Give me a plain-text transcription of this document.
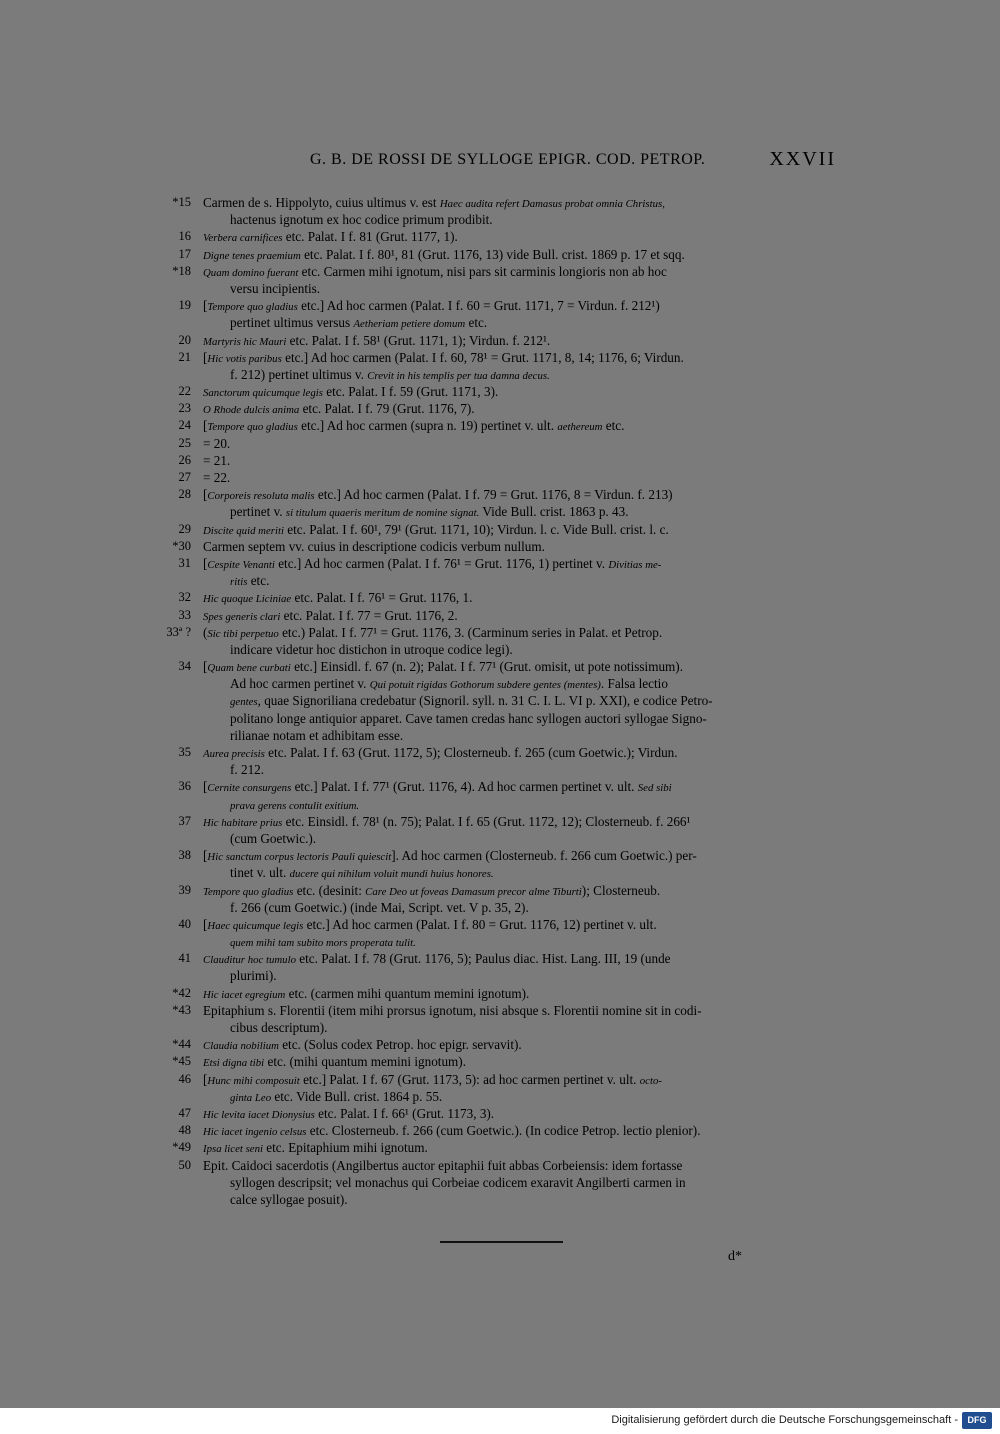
G. B. DE ROSSI DE SYLLOGE EPIGR. COD. PETROP.	XXVII
*15 Carmen de s. Hippolyto, cuius ultimus v. est Haec audita refert Damasus probat omnia Christus,
hactenus ignotum ex hoc codice primum prodibit.
16 Verbera carnifices etc. Palat. I f. 81 (Grut. 1177, 1).
17 Digne tenes praemium etc. Palat. I f. 80¹, 81 (Grut. 1176, 13) vide Bull. crist. 1869 p. 17 et sqq.
*18 Quam domino fuerant etc. Carmen mihi ignotum, nisi pars sit carminis longioris non ab hoc
versu incipientis.
19 [Tempore quo gladius etc.] Ad hoc carmen (Palat. I f. 60 = Grut. 1171, 7 = Virdun. f. 212¹)
pertinet ultimus versus Aetheriam petiere domum etc.
20 Martyris hic Mauri etc. Palat. I f. 58¹ (Grut. 1171, 1); Virdun. f. 212¹.
21 [Hic votis paribus etc.] Ad hoc carmen (Palat. I f. 60, 78¹ = Grut. 1171, 8, 14; 1176, 6; Virdun.
f. 212) pertinet ultimus v. Crevit in his templis per tua damna decus.
22 Sanctorum quicumque legis etc. Palat. I f. 59 (Grut. 1171, 3).
23 O Rhode dulcis anima etc. Palat. I f. 79 (Grut. 1176, 7).
24 [Tempore quo gladius etc.] Ad hoc carmen (supra n. 19) pertinet v. ult. aethereum etc.
25 = 20.
26 = 21.
27 = 22.
28 [Corporeis resoluta malis etc.] Ad hoc carmen (Palat. I f. 79 = Grut. 1176, 8 = Virdun. f. 213)
pertinet v. si titulum quaeris meritum de nomine signat. Vide Bull. crist. 1863 p. 43.
29 Discite quid meriti etc. Palat. I f. 60¹, 79¹ (Grut. 1171, 10); Virdun. l. c. Vide Bull. crist. l. c.
*30 Carmen septem vv. cuius in descriptione codicis verbum nullum.
31 [Cespite Venanti etc.] Ad hoc carmen (Palat. I f. 76¹ = Grut. 1176, 1) pertinet v. Divitias me-
ritis etc.
32 Hic quoque Liciniae etc. Palat. I f. 76¹ = Grut. 1176, 1.
33 Spes generis clari etc. Palat. I f. 77 = Grut. 1176, 2.
33ª ? (Sic tibi perpetuo etc.) Palat. I f. 77¹ = Grut. 1176, 3. (Carminum series in Palat. et Petrop.
indicare videtur hoc distichon in utroque codice legi).
34 [Quam bene curbati etc.] Einsidl. f. 67 (n. 2); Palat. I f. 77¹ (Grut. omisit, ut pote notissimum).
Ad hoc carmen pertinet v. Qui potuit rigidas Gothorum subdere gentes (mentes). Falsa lectio
gentes, quae Signoriliana credebatur (Signoril. syll. n. 31 C. I. L. VI p. XXI), e codice Petro-
politano longe antiquior apparet. Cave tamen credas hanc syllogen auctori syllogae Signo-
rilianae notam et adhibitam esse.
35 Aurea precisis etc. Palat. I f. 63 (Grut. 1172, 5); Closterneub. f. 265 (cum Goetwic.); Virdun.
f. 212.
36 [Cernite consurgens etc.] Palat. I f. 77¹ (Grut. 1176, 4). Ad hoc carmen pertinet v. ult. Sed sibi
prava gerens contulit exitium.
37 Hic habitare prius etc. Einsidl. f. 78¹ (n. 75); Palat. I f. 65 (Grut. 1172, 12); Closterneub. f. 266¹
(cum Goetwic.).
38 [Hic sanctum corpus lectoris Pauli quiescit]. Ad hoc carmen (Closterneub. f. 266 cum Goetwic.) per-
tinet v. ult. ducere qui nihilum voluit mundi huius honores.
39 Tempore quo gladius etc. (desinit: Care Deo ut foveas Damasum precor alme Tiburti); Closterneub.
f. 266 (cum Goetwic.) (inde Mai, Script. vet. V p. 35, 2).
40 [Haec quicumque legis etc.] Ad hoc carmen (Palat. I f. 80 = Grut. 1176, 12) pertinet v. ult.
quem mihi tam subito mors properata tulit.
41 Clauditur hoc tumulo etc. Palat. I f. 78 (Grut. 1176, 5); Paulus diac. Hist. Lang. III, 19 (unde
plurimi).
*42 Hic iacet egregium etc. (carmen mihi quantum memini ignotum).
*43 Epitaphium s. Florentii (item mihi prorsus ignotum, nisi absque s. Florentii nomine sit in codi-
cibus descriptum).
*44 Claudia nobilium etc. (Solus codex Petrop. hoc epigr. servavit).
*45 Etsi digna tibi etc. (mihi quantum memini ignotum).
46 [Hunc mihi composuit etc.] Palat. I f. 67 (Grut. 1173, 5): ad hoc carmen pertinet v. ult. octo-
ginta Leo etc. Vide Bull. crist. 1864 p. 55.
47 Hic levita iacet Dionysius etc. Palat. I f. 66¹ (Grut. 1173, 3).
48 Hic iacet ingenio celsus etc. Closterneub. f. 266 (cum Goetwic.). (In codice Petrop. lectio plenior).
*49 Ipsa licet seni etc. Epitaphium mihi ignotum.
50 Epit. Caidoci sacerdotis (Angilbertus auctor epitaphii fuit abbas Corbeiensis: idem fortasse
syllogen descripsit; vel monachus qui Corbeiae codicem exaravit Angilberti carmen in
calce syllogae posuit).
d*
Digitalisierung gefördert durch die Deutsche Forschungsgemeinschaft -	DFG
